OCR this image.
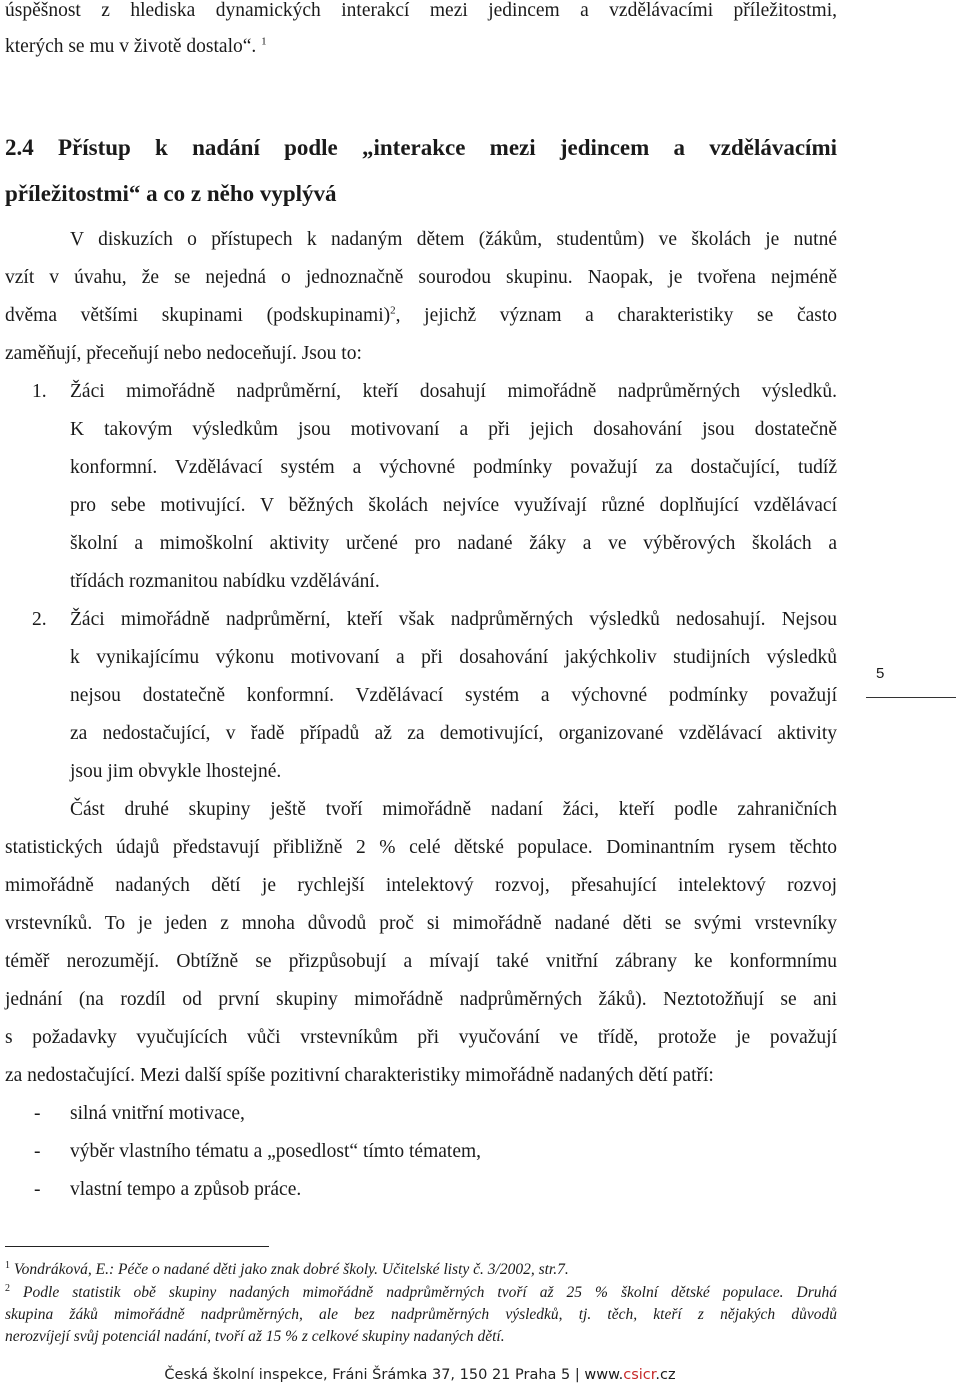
úspěšnost z hlediska dynamických interakcí mezi jedincem a vzdělávacími příležitostmi,
kterých se mu v životě dostalo“. $^1$
2.4 Přístup k nadání podle „interakce mezi jedincem a vzdělávacími
příležitostmi“ a co z něho vyplývá
V diskuzích o přístupech k nadaným dětem (žákům, studentům) ve školách je nutné
vzít v úvahu, že se nejedná o jednoznačně sourodou skupinu. Naopak, je tvořena nejméně
dvěma většími skupinami (podskupinami)$^2$, jejichž význam a charakteristiky se často
zaměňují, přeceňují nebo nedoceňují. Jsou to:
1. Žáci mimořádně nadprůměrní, kteří dosahují mimořádně nadprůměrných výsledků.
K takovým výsledkům jsou motivovaní a při jejich dosahování jsou dostatečně
konformní. Vzdělávací systém a výchovné podmínky považují za dostačující, tudíž
pro sebe motivující. V běžných školách nejvíce využívají různé doplňující vzdělávací
školní a mimoškolní aktivity určené pro nadané žáky a ve výběrových školách a
třídách rozmanitou nabídku vzdělávání.
2. Žáci mimořádně nadprůměrní, kteří však nadprůměrných výsledků nedosahují. Nejsou
k vynikajícímu výkonu motivovaní a při dosahování jakýchkoliv studijních výsledků
nejsou dostatečně konformní. Vzdělávací systém a výchovné podmínky považují
za nedostačující, v řadě případů až za demotivující, organizované vzdělávací aktivity
jsou jim obvykle lhostejné.
5
Část druhé skupiny ještě tvoří mimořádně nadaní žáci, kteří podle zahraničních
statistických údajů představují přibližně 2 % celé dětské populace. Dominantním rysem těchto
mimořádně nadaných dětí je rychlejší intelektový rozvoj, přesahující intelektový rozvoj
vrstevníků. To je jeden z mnoha důvodů proč si mimořádně nadané děti se svými vrstevníky
téměř nerozumějí. Obtížně se přizpůsobují a mívají také vnitřní zábrany ke konformnímu
jednání (na rozdíl od první skupiny mimořádně nadprůměrných žáků). Neztotožňují se ani
s požadavky vyučujících vůči vrstevníkům při vyučování ve třídě, protože je považují
za nedostačující. Mezi další spíše pozitivní charakteristiky mimořádně nadaných dětí patří:
- silná vnitřní motivace,
- výběr vlastního tématu a „posedlost“ tímto tématem,
- vlastní tempo a způsob práce.
$^1$ Vondráková, E.: Péče o nadané děti jako znak dobré školy. Učitelské listy č. 3/2002, str.7.
$^2$ Podle statistik obě skupiny nadaných mimořádně nadprůměrných tvoří až 25 % školní dětské populace. Druhá
skupina žáků mimořádně nadprůměrných, ale bez nadprůměrných výsledků, tj. těch, kteří z nějakých důvodů
nerozvíjejí svůj potenciál nadání, tvoří až 15 % z celkové skupiny nadaných dětí.
Česká školní inspekce, Fráni Šrámka 37, 150 21 Praha 5 | www.csicr.cz
